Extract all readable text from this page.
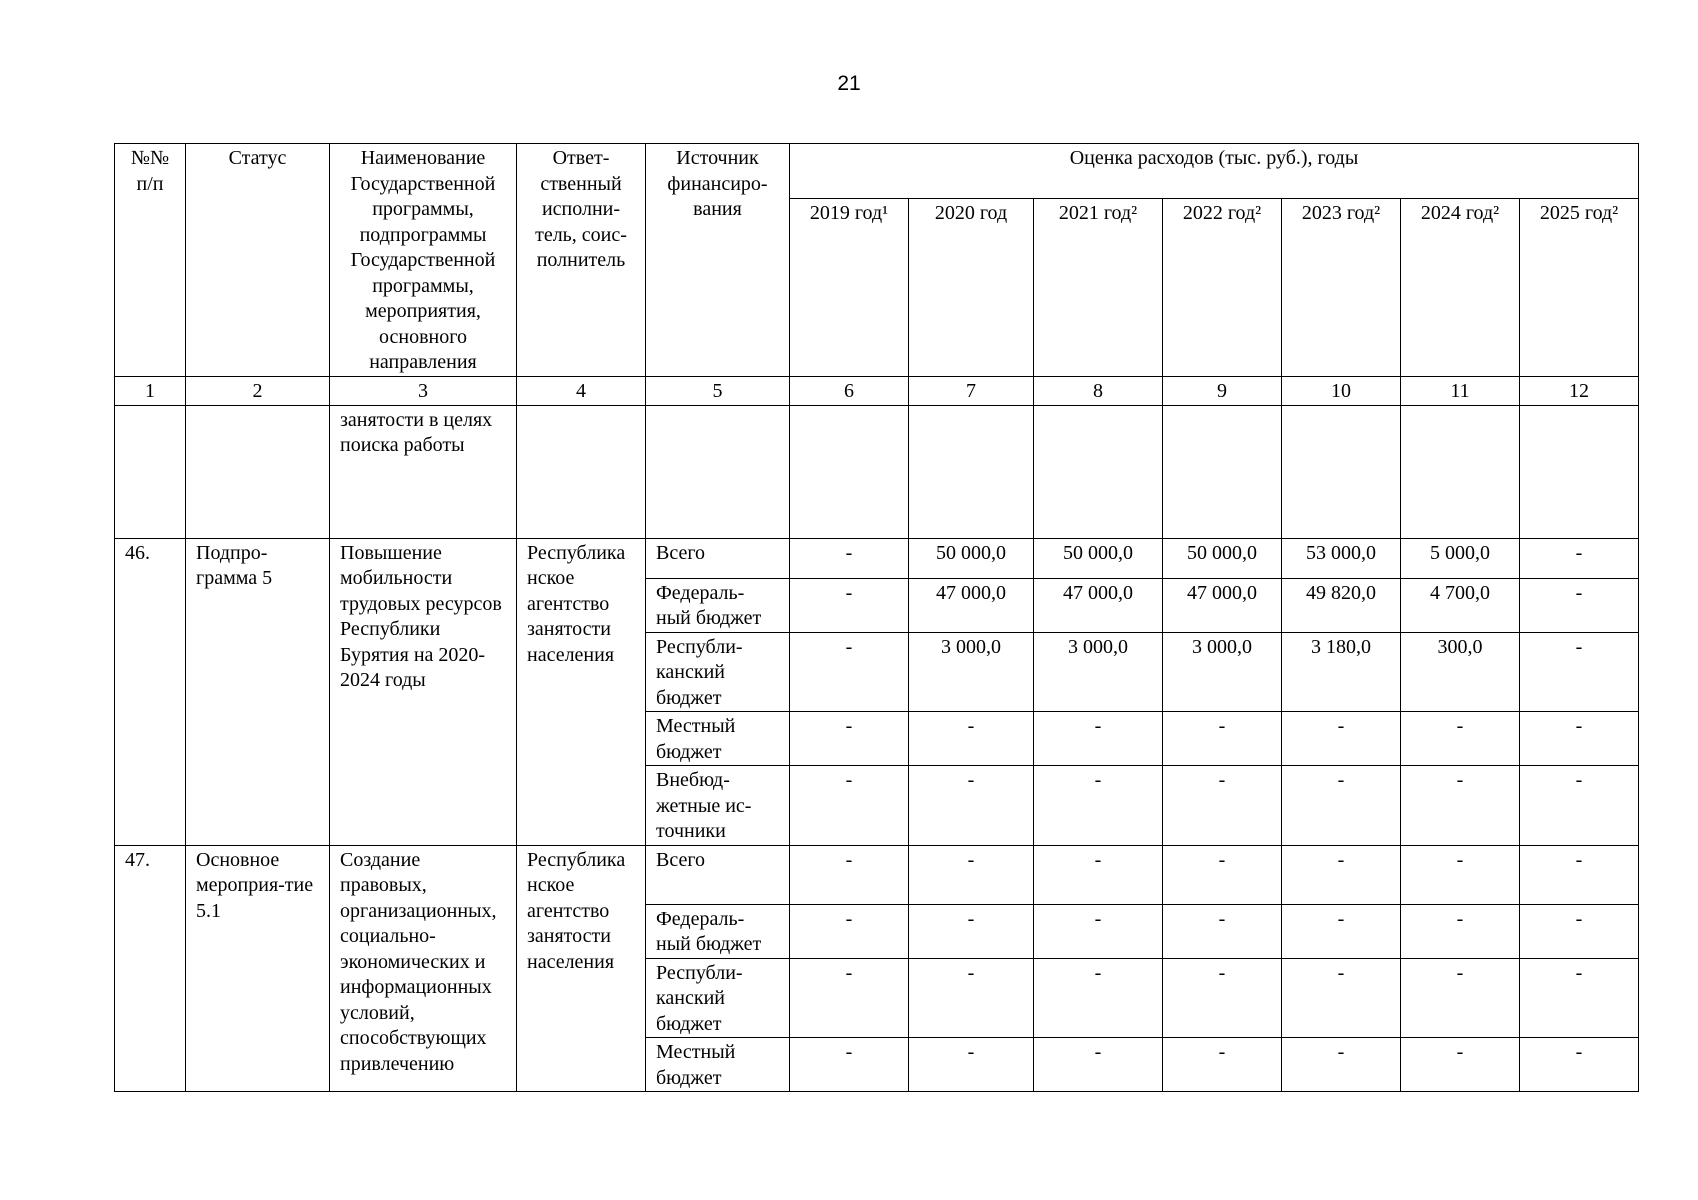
21
№№ п/п	Статус	Наименование Государственной программы, подпрограммы Государственной программы, мероприятия, основного направления	Ответ-ственный исполни-тель, соис-полнитель	Источник финансиро-вания	Оценка расходов (тыс. руб.), годы						
					2019 год¹	2020 год	2021 год²	2022 год²	2023 год²	2024 год²	2025 год²
1	2	3	4	5	6	7	8	9	10	11	12
		занятости в целях поиска работы									
46.	Подпро-грамма 5	Повышение мобильности трудовых ресурсов Республики Бурятия на 2020-2024 годы	Республиканское агентство занятости населения	Всего	-	50 000,0	50 000,0	50 000,0	53 000,0	5 000,0	-
				Федераль-ный бюджет	-	47 000,0	47 000,0	47 000,0	49 820,0	4 700,0	-
				Республи-канский бюджет	-	3 000,0	3 000,0	3 000,0	3 180,0	300,0	-
				Местный бюджет	-	-	-	-	-	-	-
				Внебюд-жетные ис-точники	-	-	-	-	-	-	-
47.	Основное мероприя-тие 5.1	Создание правовых, организационных, социально-экономических и информационных условий, способствующих привлечению	Республиканское агентство занятости населения	Всего	-	-	-	-	-	-	-
				Федераль-ный бюджет	-	-	-	-	-	-	-
				Республи-канский бюджет	-	-	-	-	-	-	-
				Местный бюджет	-	-	-	-	-	-	-
